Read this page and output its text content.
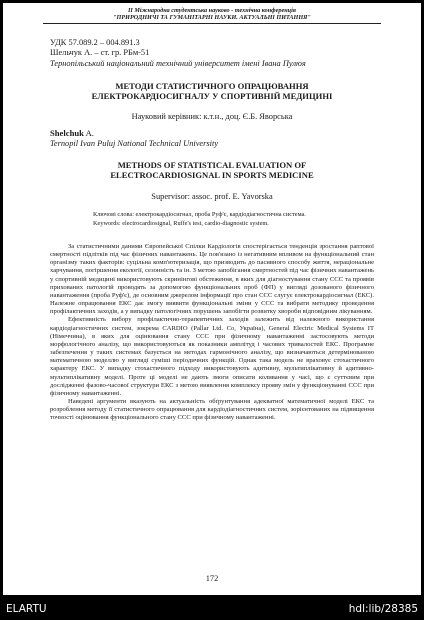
ІІ Міжнародна студентська науково - технічна конференція
"ПРИРОДНИЧІ ТА ГУМАНІТАРНІ НАУКИ. АКТУАЛЬНІ ПИТАННЯ"
УДК 57.089.2 – 004.891.3
Шельчук А. – ст. гр. РБм-51
Тернопільський національний технічний університет імені Івана Пулюя
МЕТОДИ СТАТИСТИЧНОГО ОПРАЦЮВАННЯ
ЕЛЕКТРОКАРДІОСИГНАЛУ У СПОРТИВНІЙ МЕДИЦИНІ
Науковий керівник: к.т.н., доц. Є.Б. Яворська
Shelchuk A.
Ternopil Ivan Puluj National Technical University
METHODS OF STATISTICAL EVALUATION OF
ELECTROCARDIOSIGNAL IN SPORTS MEDICINE
Supervisor: assoc. prof. E. Yavorska
Ключові слова: електрокардіосигнал, проба Руф'є, кардіодіагностична система.
Keywords: electrocardiosignal, Ruffe's test, cardio-diagnostic system.

За статистичними даними Європейської Спілки Кардіологів спостерігається тенденція зростання раптової смертності підлітків під час фізичних навантажень. Це пов'язано із негативним впливом на функціональний стан організму таких факторів: суцільна комп'ютеризація, що призводить до пасивного способу життя, нераціональне харчування, погіршення екології, сезонність та ін. З метою запобігання смертностей під час фізичних навантажень у спортивній медицині використовують скринінгові обстеження, в яких для діагностування стану ССС та проявів прихованих патологій проводять за допомогою функціональних проб (ФП) у вигляді дозованого фізичного навантаження (проба Руф'є), де основним джерелом інформації про стан ССС слугує електрокардіосигнал (ЕКС). Належне опрацювання ЕКС дає змогу виявити функціональні зміни у ССС та вибрати методику проведення профілактичних заходів, а у випадку патологічних порушень запобігти розвитку хвороби відповідним лікуванням.

Ефективність вибору профілактично-терапевтичних заходів залежить від належного використання кардіодіагностичних систем, зокрема CARDIO (Pallar Ltd. Co, Україна), General Electric Medical Systems IT (Німеччина), в яких для оцінювання стану ССС при фізичному навантаженні застосовують методи морфологічного аналізу, що використовуються як показники амплітуд і часових тривалостей ЕКС. Програмне забезпечення у таких системах базується на методах гармонічного аналізу, що визначаються детермінованою математичною моделлю у вигляді суміші періодичних функцій. Однак така модель не враховує стохастичного характеру ЕКС. У випадку стохастичного підходу використовують адитивну, мультиплікативну й адитивно-мультиплікативну моделі. Проте ці моделі не дають змоги описати коливання у часі, що є суттєвим при дослідженні фазово-часової структури ЕКС з метою виявлення комплексу прояву змін у функціонуванні ССС при фізичному навантаженні.

Наведені аргументи вказують на актуальність обґрунтування адекватної математичної моделі ЕКС та розроблення методу її статистичного опрацювання для кардіодіагностичних систем, зорієнтованих на підвищення точності оцінювання функціонального стану ССС при фізичному навантаженні.

172
ELARTU	hdl:lib/28385
